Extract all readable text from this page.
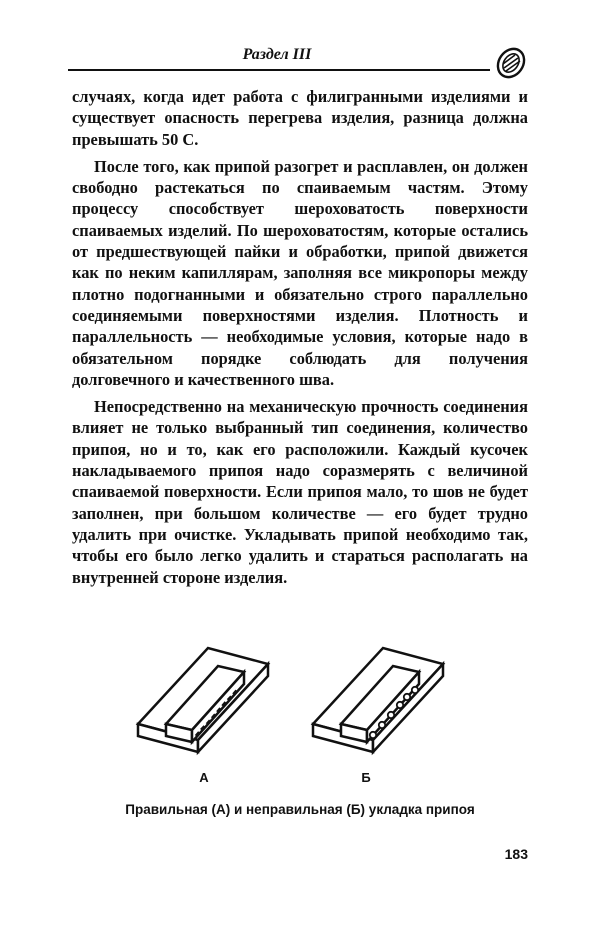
Раздел III

случаях, когда идет работа с филигранными изделиями и существует опасность перегрева изделия, разница должна превышать 50 С.

После того, как припой разогрет и расплавлен, он должен свободно растекаться по спаиваемым частям. Этому процессу способствует шероховатость поверхности спаиваемых изделий. По шероховатостям, которые остались от предшествующей пайки и обработки, припой движется как по неким капиллярам, заполняя все микропоры между плотно подогнанными и обязательно строго параллельно соединяемыми поверхностями изделия. Плотность и параллельность — необходимые условия, которые надо в обязательном порядке соблюдать для получения долговечного и качественного шва.

Непосредственно на механическую прочность соединения влияет не только выбранный тип соединения, количество припоя, но и то, как его расположили. Каждый кусочек накладываемого припоя надо соразмерять с величиной спаиваемой поверхности. Если припоя мало, то шов не будет заполнен, при большом количестве — его будет трудно удалить при очистке. Укладывать припой необходимо так, чтобы его было легко удалить и стараться располагать на внутренней стороне изделия.

А	Б
Правильная (А) и неправильная (Б) укладка припоя
183
